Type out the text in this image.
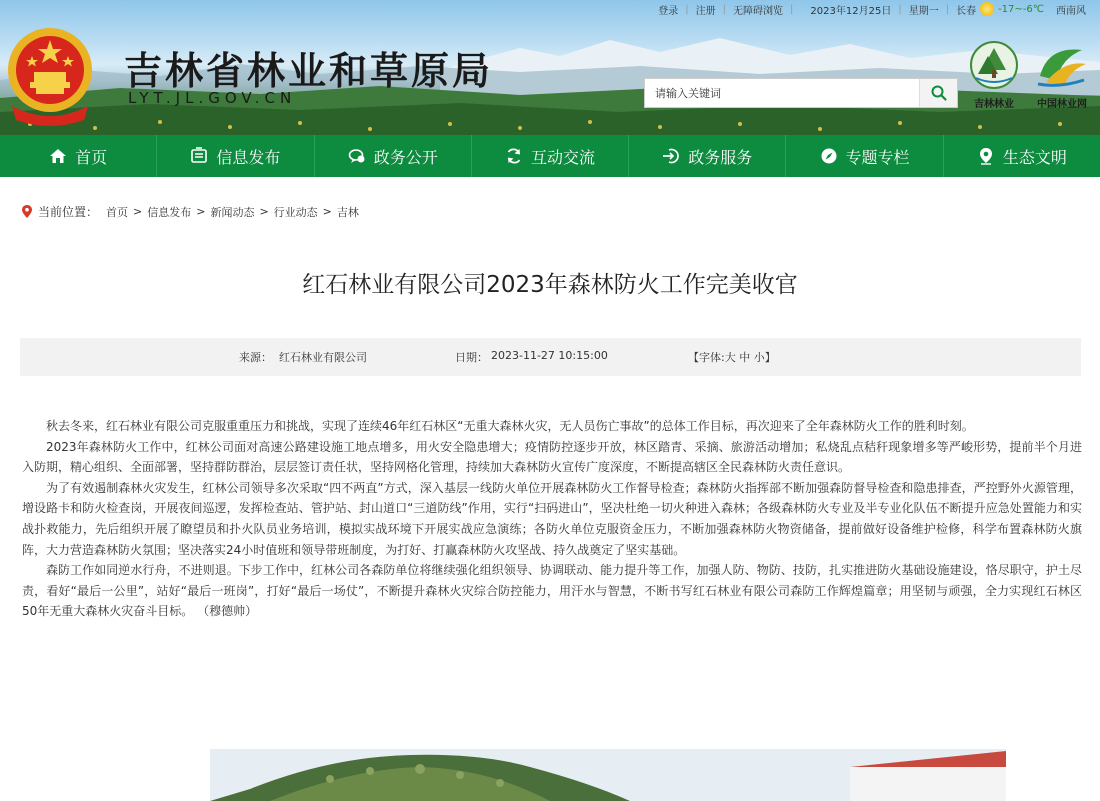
登录 | 注册 | 无障碍浏览 |	2023年12月25日 | 星期一 | 长春 -17~-6℃	西南风
吉林省林业和草原局
LYT.JL.GOV.CN
请输入关键词	吉林林业	中国林业网
首页	信息发布	政务公开	互动交流	政务服务	专题专栏	生态文明
当前位置： 首页 > 信息发布 > 新闻动态 > 行业动态 > 吉林
红石林业有限公司2023年森林防火工作完美收官
来源： 红石林业有限公司	日期： 2023-11-27 10:15:00	【字体:大 中 小】

秋去冬来，红石林业有限公司克服重重压力和挑战，实现了连续46年红石林区“无重大森林火灾，无人员伤亡事故”的总体工作目标，再次迎来了全年森林防火工作的胜利时刻。

2023年森林防火工作中，红林公司面对高速公路建设施工地点增多，用火安全隐患增大；疫情防控逐步开放，林区踏青、采摘、旅游活动增加；私烧乱点秸秆现象增多等严峻形势，提前半个月进入防期，精心组织、全面部署，坚持群防群治，层层签订责任状，坚持网格化管理，持续加大森林防火宣传广度深度，不断提高辖区全民森林防火责任意识。

为了有效遏制森林火灾发生，红林公司领导多次采取“四不两直”方式，深入基层一线防火单位开展森林防火工作督导检查；森林防火指挥部不断加强森防督导检查和隐患排查，严控野外火源管理，增设路卡和防火检查岗，开展夜间巡逻，发挥检查站、管护站、封山道口“三道防线”作用，实行“扫码进山”，坚决杜绝一切火种进入森林；各级森林防火专业及半专业化队伍不断提升应急处置能力和实战扑救能力，先后组织开展了瞭望员和扑火队员业务培训，模拟实战环境下开展实战应急演练；各防火单位克服资金压力，不断加强森林防火物资储备，提前做好设备维护检修，科学布置森林防火旗阵，大力营造森林防火氛围；坚决落实24小时值班和领导带班制度，为打好、打赢森林防火攻坚战、持久战奠定了坚实基础。

森防工作如同逆水行舟，不进则退。下步工作中，红林公司各森防单位将继续强化组织领导、协调联动、能力提升等工作，加强人防、物防、技防，扎实推进防火基础设施建设，恪尽职守，护土尽责，看好“最后一公里”，站好“最后一班岗”，打好“最后一场仗”，不断提升森林火灾综合防控能力，用汗水与智慧，不断书写红石林业有限公司森防工作辉煌篇章；用坚韧与顽强，全力实现红石林区50年无重大森林火灾奋斗目标。 （穆德帅）
